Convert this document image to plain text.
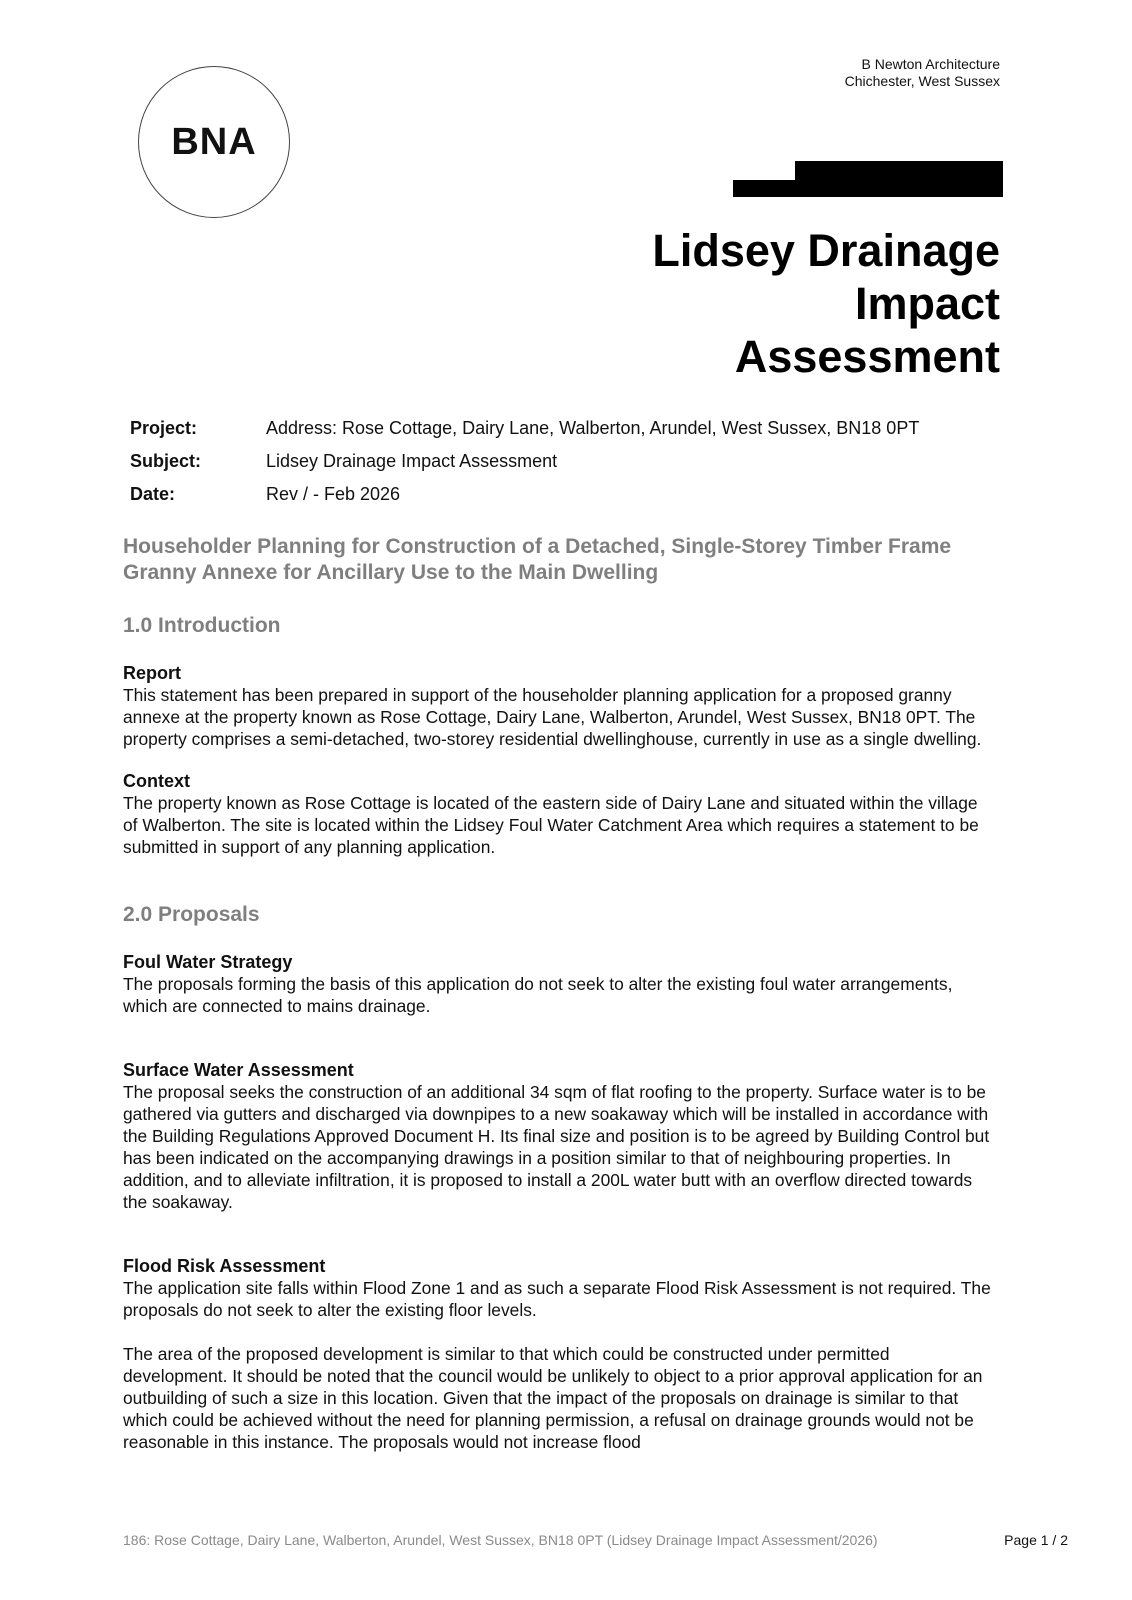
BNA
B Newton Architecture
Chichester, West Sussex
Lidsey Drainage
Impact
Assessment
Project:	Address: Rose Cottage, Dairy Lane, Walberton, Arundel, West Sussex, BN18 0PT
Subject:	Lidsey Drainage Impact Assessment
Date:	Rev / - Feb 2026

Householder Planning for Construction of a Detached, Single-Storey Timber Frame Granny Annexe for Ancillary Use to the Main Dwelling

1.0 Introduction

Report

This statement has been prepared in support of the householder planning application for a proposed granny annexe at the property known as Rose Cottage, Dairy Lane, Walberton, Arundel, West Sussex, BN18 0PT. The property comprises a semi-detached, two-storey residential dwellinghouse, currently in use as a single dwelling.

Context

The property known as Rose Cottage is located of the eastern side of Dairy Lane and situated within the village of Walberton. The site is located within the Lidsey Foul Water Catchment Area which requires a statement to be submitted in support of any planning application.

2.0 Proposals

Foul Water Strategy

The proposals forming the basis of this application do not seek to alter the existing foul water arrangements, which are connected to mains drainage.

Surface Water Assessment

The proposal seeks the construction of an additional 34 sqm of flat roofing to the property. Surface water is to be gathered via gutters and discharged via downpipes to a new soakaway which will be installed in accordance with the Building Regulations Approved Document H. Its final size and position is to be agreed by Building Control but has been indicated on the accompanying drawings in a position similar to that of neighbouring properties. In addition, and to alleviate infiltration, it is proposed to install a 200L water butt with an overflow directed towards the soakaway.

Flood Risk Assessment

The application site falls within Flood Zone 1 and as such a separate Flood Risk Assessment is not required. The proposals do not seek to alter the existing floor levels.

The area of the proposed development is similar to that which could be constructed under permitted development. It should be noted that the council would be unlikely to object to a prior approval application for an outbuilding of such a size in this location. Given that the impact of the proposals on drainage is similar to that which could be achieved without the need for planning permission, a refusal on drainage grounds would not be reasonable in this instance. The proposals would not increase flood

186: Rose Cottage, Dairy Lane, Walberton, Arundel, West Sussex, BN18 0PT (Lidsey Drainage Impact Assessment/2026)	Page 1 / 2
